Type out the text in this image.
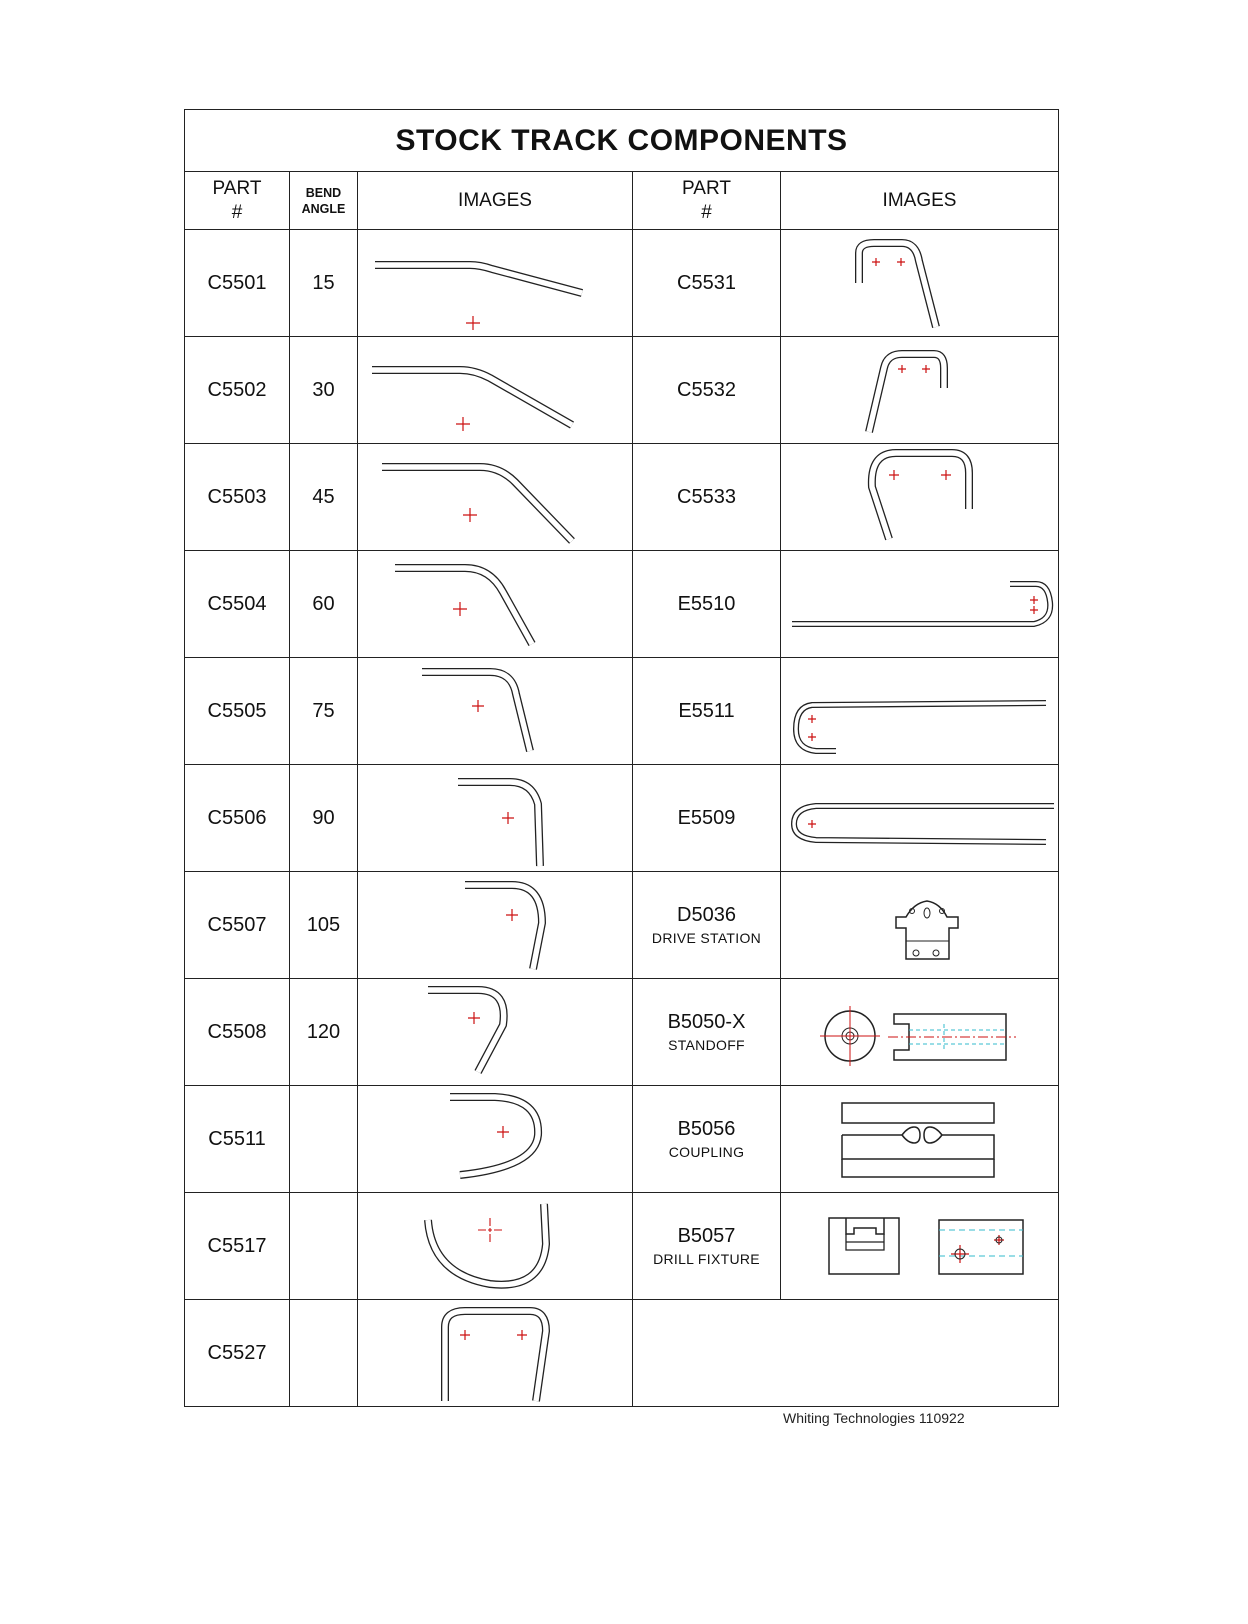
STOCK TRACK COMPONENTS				
PART
#	BEND
ANGLE	IMAGES	PART
#	IMAGES
C5501	15		C5531	

C5502	30		C5532	

C5503	45		C5533	

C5504	60		E5510	

C5505	75		E5511	

C5506	90		E5509	

C5507	105		D5036
DRIVE STATION

C5508	120		B5050-X
STANDOFF

C5511			B5056
COUPLING

C5517			B5057
DRILL FIXTURE

C5527		

Whiting Technologies 110922
